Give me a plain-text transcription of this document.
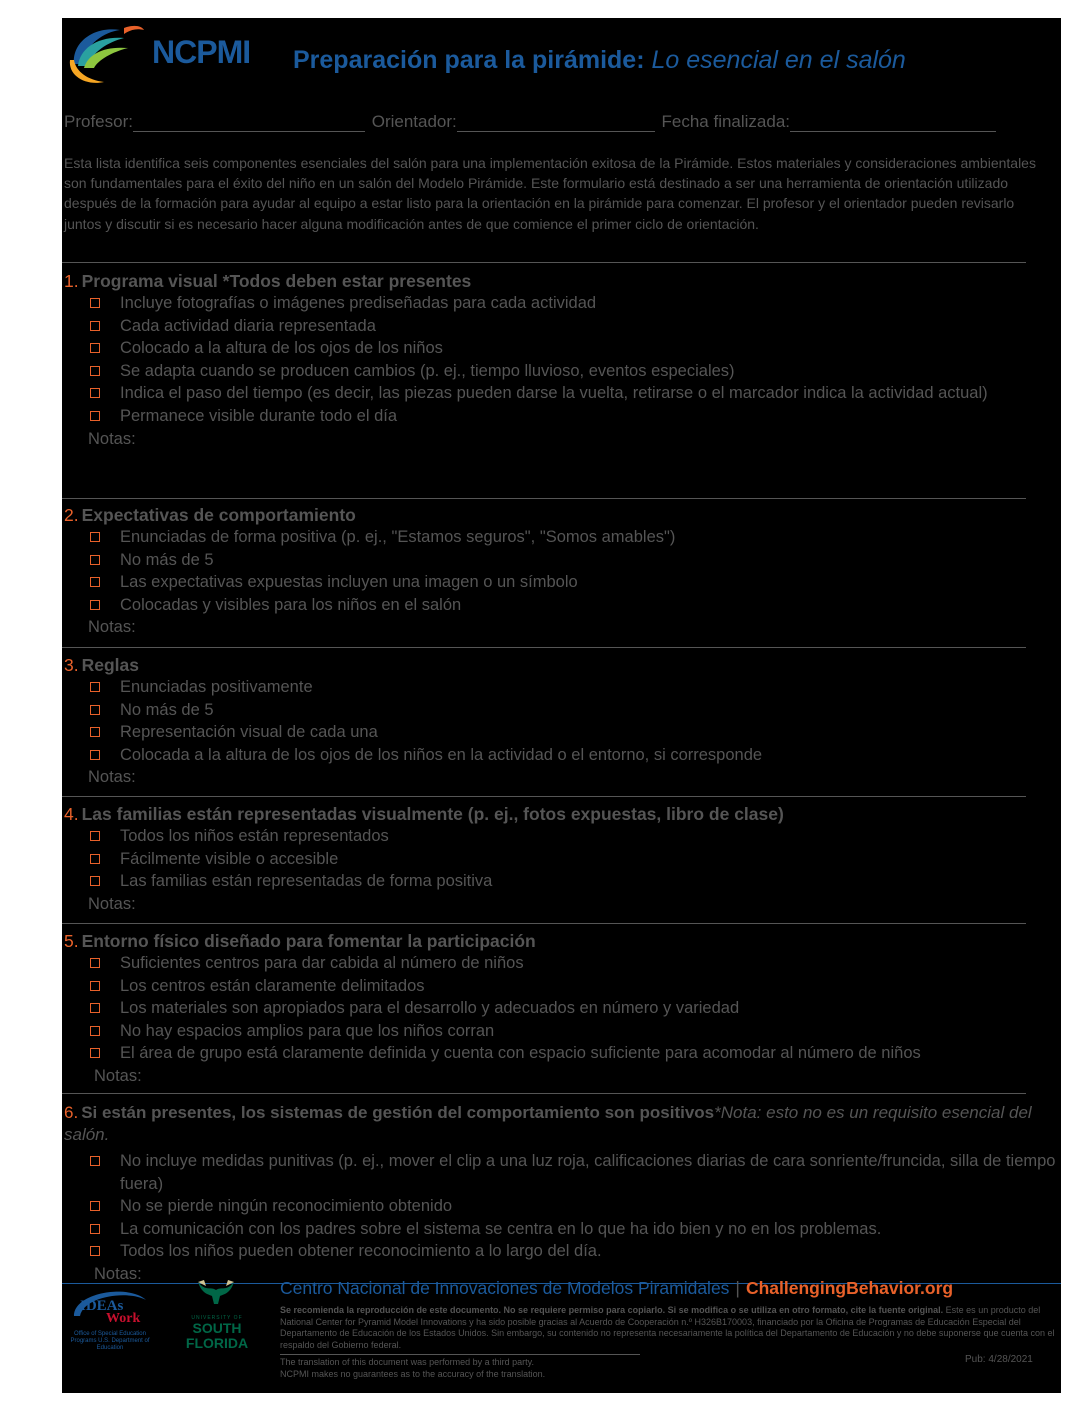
NCPMI Preparación para la pirámide: Lo esencial en el salón
Profesor:	Orientador:	Fecha finalizada:
Esta lista identifica seis componentes esenciales del salón para una implementación exitosa de la Pirámide. Estos materiales y consideraciones ambientales son fundamentales para el éxito del niño en un salón del Modelo Pirámide. Este formulario está destinado a ser una herramienta de orientación utilizado después de la formación para ayudar al equipo a estar listo para la orientación en la pirámide para comenzar. El profesor y el orientador pueden revisarlo juntos y discutir si es necesario hacer alguna modificación antes de que comience el primer ciclo de orientación.
1. Programa visual *Todos deben estar presentes
Incluye fotografías o imágenes prediseñadas para cada actividad
Cada actividad diaria representada
Colocado a la altura de los ojos de los niños
Se adapta cuando se producen cambios (p. ej., tiempo lluvioso, eventos especiales)
Indica el paso del tiempo (es decir, las piezas pueden darse la vuelta, retirarse o el marcador indica la actividad actual)
Permanece visible durante todo el día
Notas:
2. Expectativas de comportamiento
Enunciadas de forma positiva (p. ej., "Estamos seguros", "Somos amables")
No más de 5
Las expectativas expuestas incluyen una imagen o un símbolo
Colocadas y visibles para los niños en el salón
Notas:
3. Reglas
Enunciadas positivamente
No más de 5
Representación visual de cada una
Colocada a la altura de los ojos de los niños en la actividad o el entorno, si corresponde
Notas:
4. Las familias están representadas visualmente (p. ej., fotos expuestas, libro de clase)
Todos los niños están representados
Fácilmente visible o accesible
Las familias están representadas de forma positiva
Notas:
5. Entorno físico diseñado para fomentar la participación
Suficientes centros para dar cabida al número de niños
Los centros están claramente delimitados
Los materiales son apropiados para el desarrollo y adecuados en número y variedad
No hay espacios amplios para que los niños corran
El área de grupo está claramente definida y cuenta con espacio suficiente para acomodar al número de niños
Notas:
6. Si están presentes, los sistemas de gestión del comportamiento son positivos*Nota: esto no es un requisito esencial del salón.
No incluye medidas punitivas (p. ej., mover el clip a una luz roja, calificaciones diarias de cara sonriente/fruncida, silla de tiempo fuera)
No se pierde ningún reconocimiento obtenido
La comunicación con los padres sobre el sistema se centra en lo que ha ido bien y no en los problemas.
Todos los niños pueden obtener reconocimiento a lo largo del día.
Notas:
IDEAs
Work
Office of Special Education Programs U.S. Department of Education
UNIVERSITY OF
SOUTH
FLORIDA
Centro Nacional de Innovaciones de Modelos Piramidales | ChallengingBehavior.org
Se recomienda la reproducción de este documento. No se requiere permiso para copiarlo. Si se modifica o se utiliza en otro formato, cite la fuente original. Este es un producto del National Center for Pyramid Model Innovations y ha sido posible gracias al Acuerdo de Cooperación n.º H326B170003, financiado por la Oficina de Programas de Educación Especial del Departamento de Educación de los Estados Unidos. Sin embargo, su contenido no representa necesariamente la política del Departamento de Educación y no debe suponerse que cuenta con el respaldo del Gobierno federal.
The translation of this document was performed by a third party.
NCPMI makes no guarantees as to the accuracy of the translation.
Pub: 4/28/2021
